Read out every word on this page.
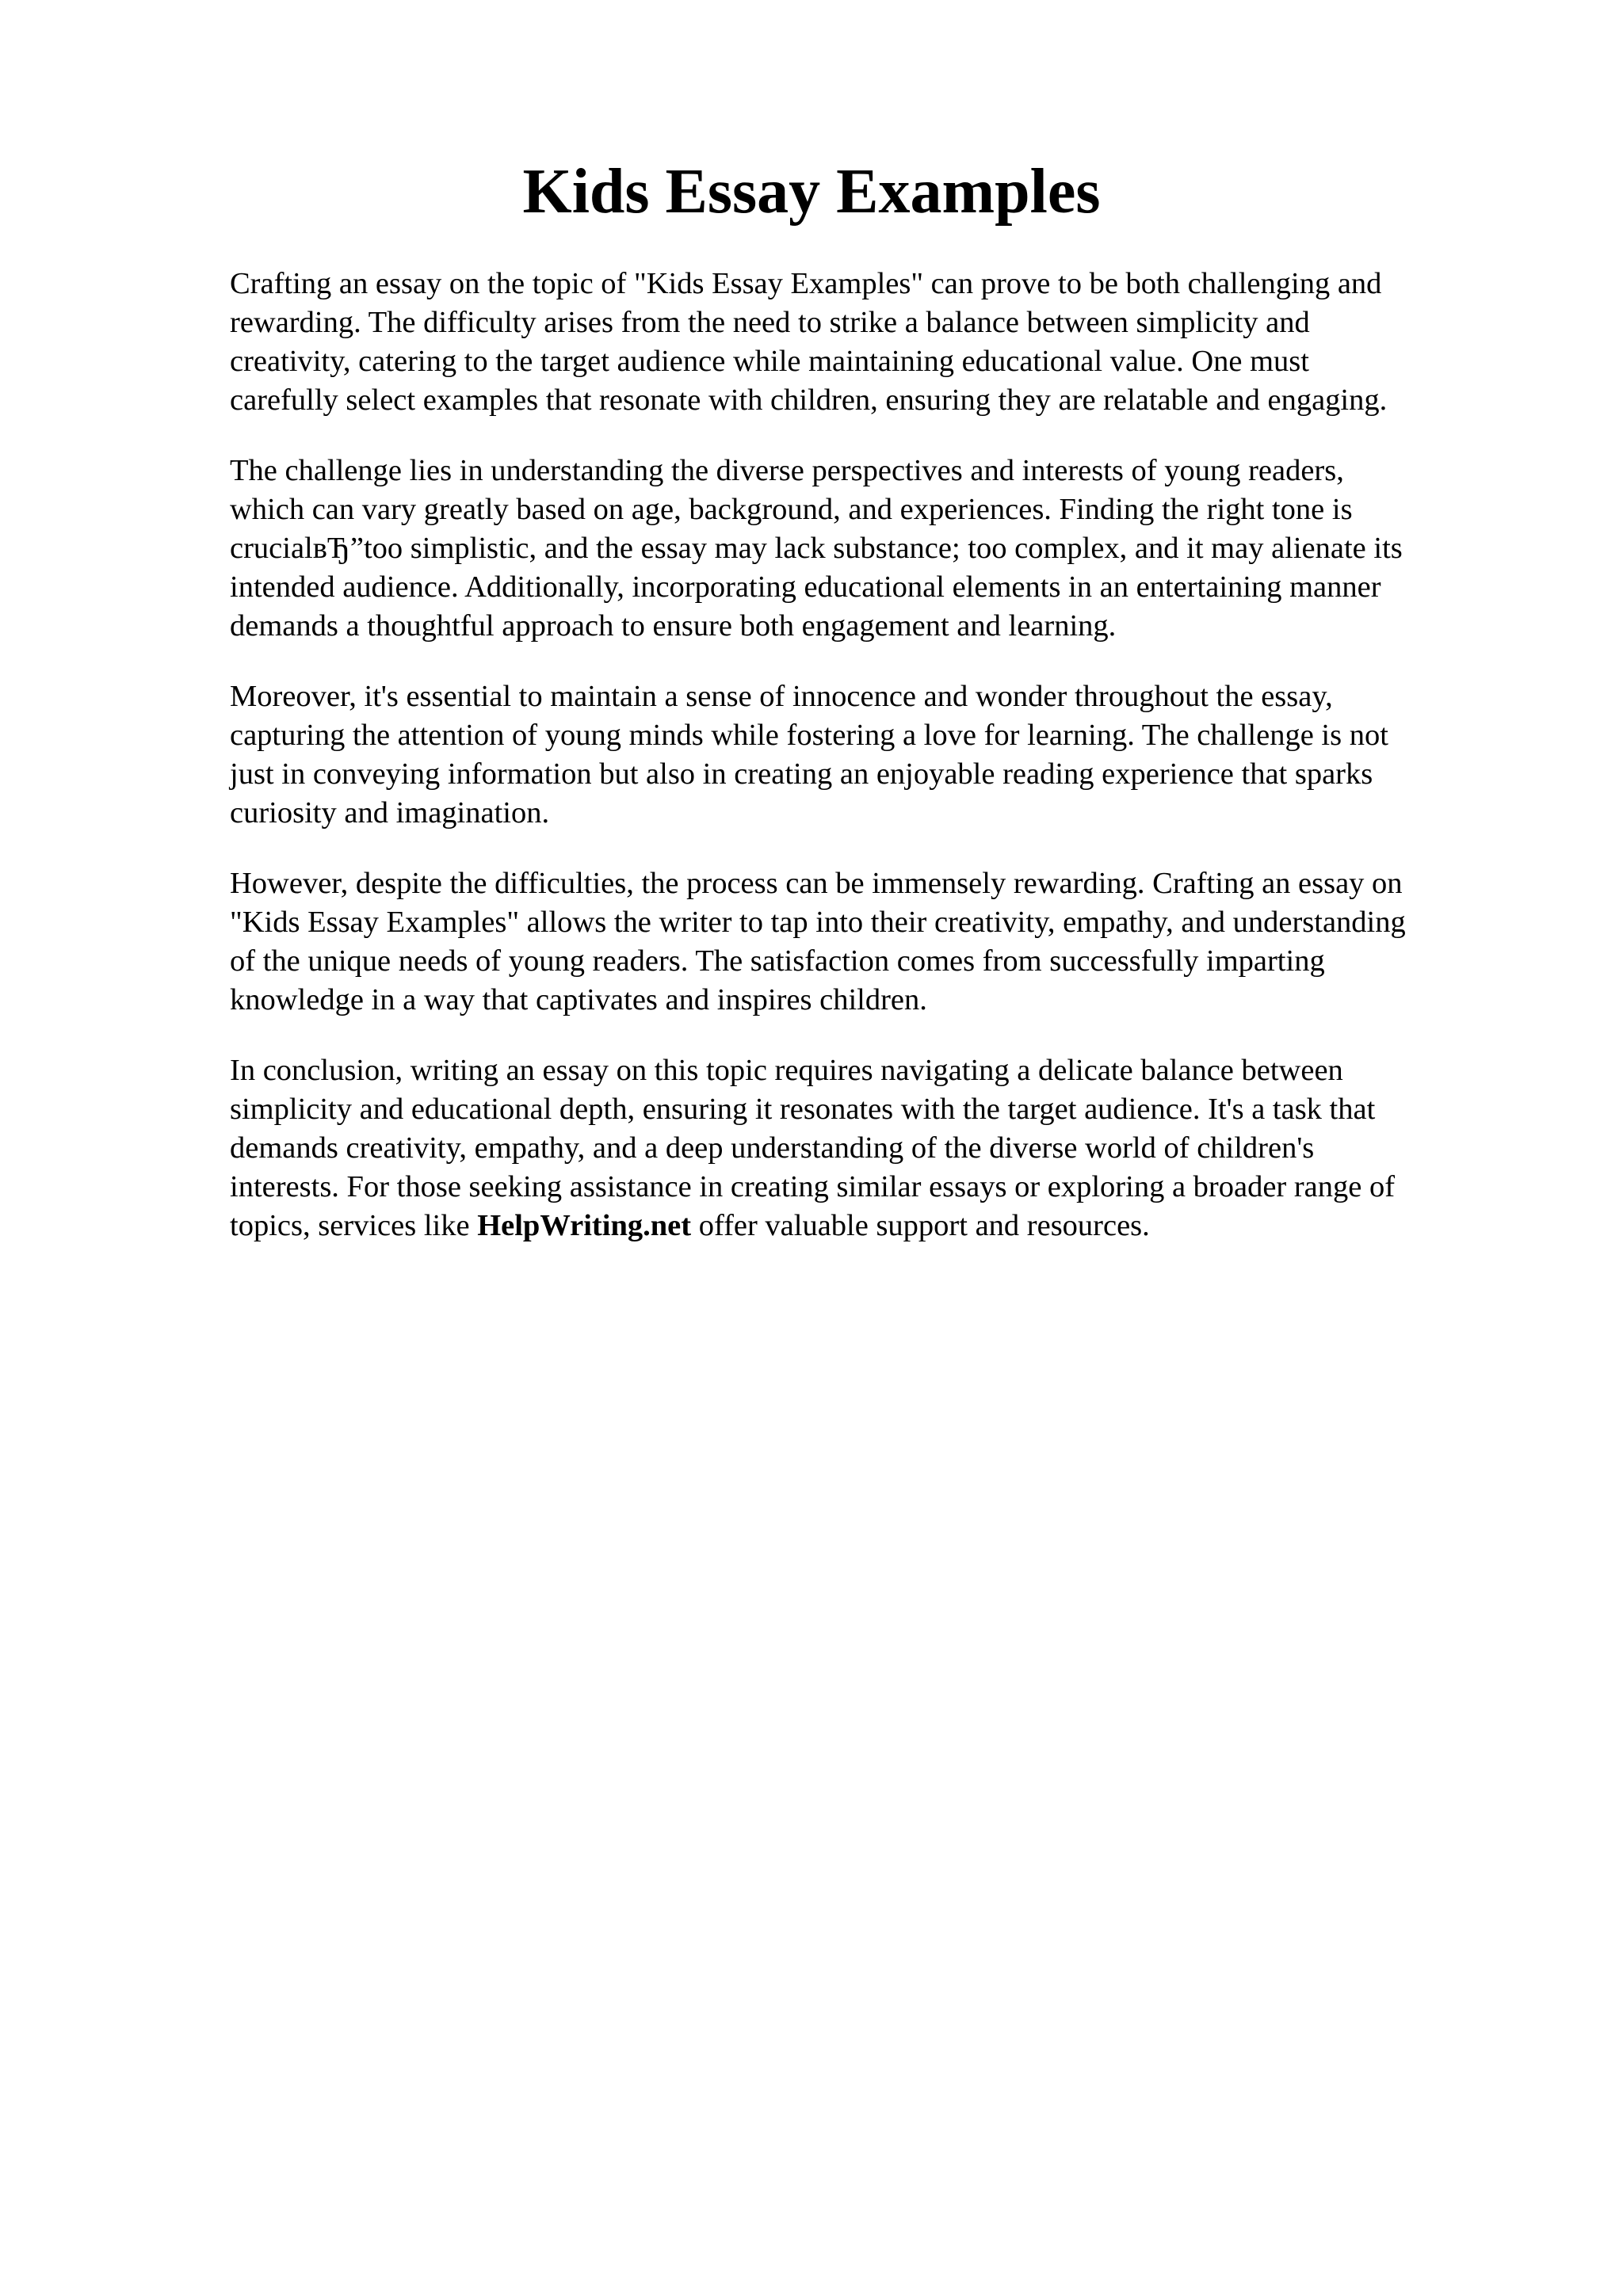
Kids Essay Examples

Crafting an essay on the topic of "Kids Essay Examples" can prove to be both challenging and
rewarding. The difficulty arises from the need to strike a balance between simplicity and
creativity, catering to the target audience while maintaining educational value. One must
carefully select examples that resonate with children, ensuring they are relatable and engaging.

The challenge lies in understanding the diverse perspectives and interests of young readers,
which can vary greatly based on age, background, and experiences. Finding the right tone is
crucialвЂ”too simplistic, and the essay may lack substance; too complex, and it may alienate its
intended audience. Additionally, incorporating educational elements in an entertaining manner
demands a thoughtful approach to ensure both engagement and learning.

Moreover, it's essential to maintain a sense of innocence and wonder throughout the essay,
capturing the attention of young minds while fostering a love for learning. The challenge is not
just in conveying information but also in creating an enjoyable reading experience that sparks
curiosity and imagination.

However, despite the difficulties, the process can be immensely rewarding. Crafting an essay on
"Kids Essay Examples" allows the writer to tap into their creativity, empathy, and understanding
of the unique needs of young readers. The satisfaction comes from successfully imparting
knowledge in a way that captivates and inspires children.

In conclusion, writing an essay on this topic requires navigating a delicate balance between
simplicity and educational depth, ensuring it resonates with the target audience. It's a task that
demands creativity, empathy, and a deep understanding of the diverse world of children's
interests. For those seeking assistance in creating similar essays or exploring a broader range of
topics, services like HelpWriting.net offer valuable support and resources.
